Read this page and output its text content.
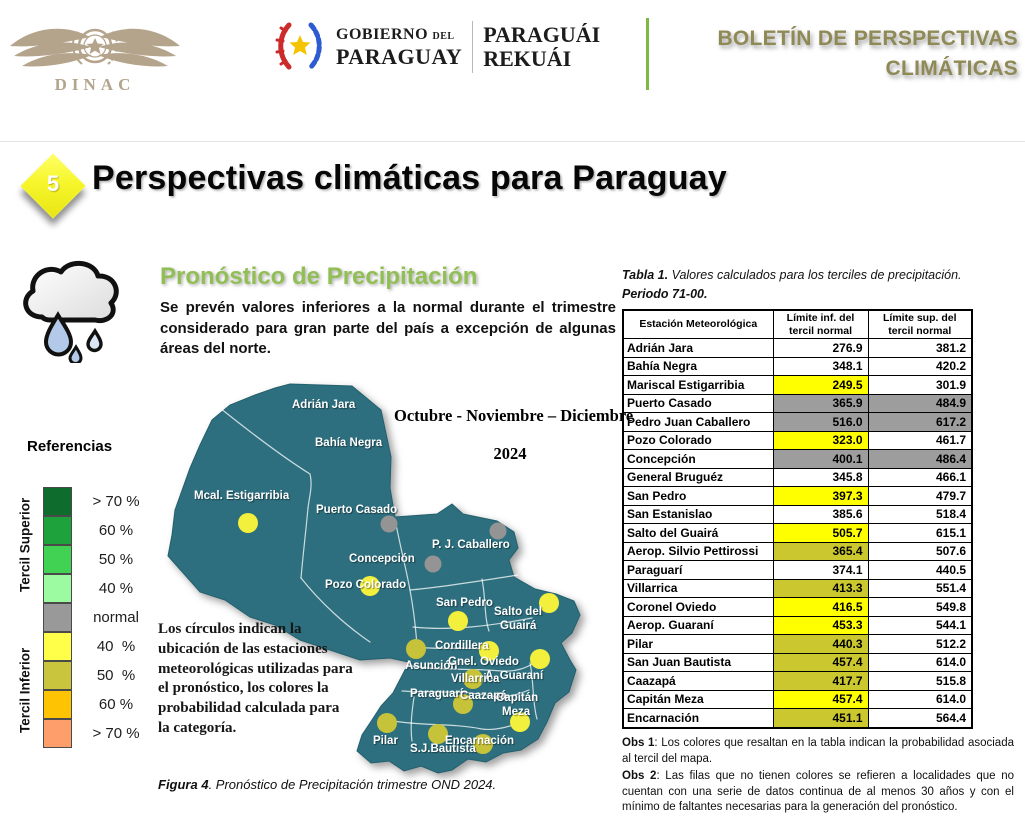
DINAC
GOBIERNO DEL
PARAGUAY
PARAGUÁI
REKUÁI
BOLETÍN DE PERSPECTIVAS
CLIMÁTICAS
5 Perspectivas climáticas para Paraguay
Pronóstico de Precipitación
Se prevén valores inferiores a la normal durante el trimestre considerado para gran parte del país a excepción de algunas áreas del norte.
Referencias
Tercil Superior
Tercil Inferior
> 70 %
60 %
50 %
40 %
normal
40  %
50  %
60 %
> 70 %
Adrián Jara
Bahía Negra
Mcal. Estigarribia
Puerto Casado
P. J. Caballero
Concepción
Pozo Colorado
San Pedro
Salto del
Guairá
Cordillera
Asunción
Gnel. Oviedo
A. Guaraní
Villarrica
Paraguarí
Caazapá
Capitán
Meza
Pilar
S.J.Bautista
Encarnación
Octubre - Noviembre – Diciembre
2024
Los círculos indican la ubicación de las estaciones meteorológicas utilizadas para el pronóstico, los colores la probabilidad calculada para la categoría.
Figura 4. Pronóstico de Precipitación trimestre OND 2024.
Tabla 1. Valores calculados para los terciles de precipitación.
Periodo 71-00.
Estación Meteorológica	Límite inf. del tercil normal	Límite sup. del tercil normal
Adrián Jara	276.9	381.2
Bahía Negra	348.1	420.2
Mariscal Estigarribia	249.5	301.9
Puerto Casado	365.9	484.9
Pedro Juan Caballero	516.0	617.2
Pozo Colorado	323.0	461.7
Concepción	400.1	486.4
General Bruguéz	345.8	466.1
San Pedro	397.3	479.7
San Estanislao	385.6	518.4
Salto del Guairá	505.7	615.1
Aerop. Silvio Pettirossi	365.4	507.6
Paraguarí	374.1	440.5
Villarrica	413.3	551.4
Coronel Oviedo	416.5	549.8
Aerop. Guaraní	453.3	544.1
Pilar	440.3	512.2
San Juan Bautista	457.4	614.0
Caazapá	417.7	515.8
Capitán Meza	457.4	614.0
Encarnación	451.1	564.4

Obs 1: Los colores que resaltan en la tabla indican la probabilidad asociada al tercil del mapa.

Obs 2: Las filas que no tienen colores se refieren a localidades que no cuentan con una serie de datos continua de al menos 30 años y con el mínimo de faltantes necesarias para la generación del pronóstico.
